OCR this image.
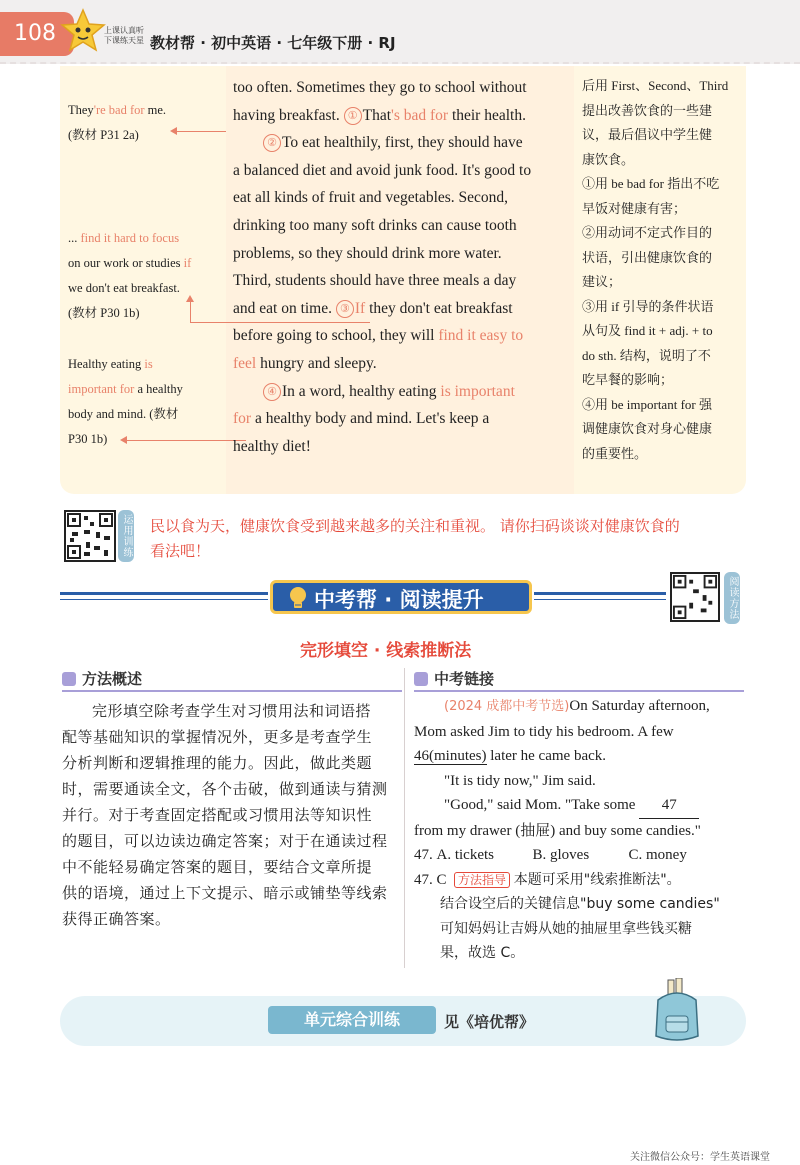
108	上课认真听
下课练天星 教材帮 · 初中英语 · 七年级下册 · RJ
They're bad for me.
(教材 P31 2a)
... find it hard to focus
on our work or studies if
we don't eat breakfast.
(教材 P30 1b)
Healthy eating is
important for a healthy
body and mind. (教材
P30 1b)
too often. Sometimes they go to school without
having breakfast. ① That's bad for their health.
② To eat healthily, first, they should have
a balanced diet and avoid junk food. It's good to
eat all kinds of fruit and vegetables. Second,
drinking too many soft drinks can cause tooth
problems, so they should drink more water.
Third, students should have three meals a day
and eat on time. ③ If they don't eat breakfast
before going to school, they will find it easy to
feel hungry and sleepy.
④ In a word, healthy eating is important
for a healthy body and mind. Let's keep a
healthy diet!
后用 First、Second、Third
提出改善饮食的一些建
议，最后倡议中学生健
康饮食。
①用 be bad for 指出不吃
早饭对健康有害；
②用动词不定式作目的
状语，引出健康饮食的
建议；
③用 if 引导的条件状语
从句及 find it + adj. + to
do sth. 结构，说明了不
吃早餐的影响；
④用 be important for 强
调健康饮食对身心健康
的重要性。
运用训练 民以食为天，健康饮食受到越来越多的关注和重视。 请你扫码谈谈对健康饮食的
看法吧！
中考帮 · 阅读提升	阅读方法
完形填空 · 线索推断法
方法概述
完形填空除考查学生对习惯用法和词语搭
配等基础知识的掌握情况外，更多是考查学生
分析判断和逻辑推理的能力。因此，做此类题
时，需要通读全文，各个击破，做到通读与猜测
并行。对于考查固定搭配或习惯用法等知识性
的题目，可以边读边确定答案；对于在通读过程
中不能轻易确定答案的题目，要结合文章所提
供的语境，通过上下文提示、暗示或铺垫等线索
获得正确答案。
中考链接
(2024 成都中考节选)On Saturday afternoon,
Mom asked Jim to tidy his bedroom. A few
46(minutes) later he came back.
"It is tidy now," Jim said.
"Good," said Mom. "Take some 47
from my drawer (抽屉) and buy some candies."
47. A. tickets	B. gloves	C. money
47. C 方法指导 本题可采用"线索推断法"。
结合设空后的关键信息"buy some candies"
可知妈妈让吉姆从她的抽屉里拿些钱买糖
果，故选 C。
单元综合训练	见《培优帮》
关注微信公众号：学生英语课堂
